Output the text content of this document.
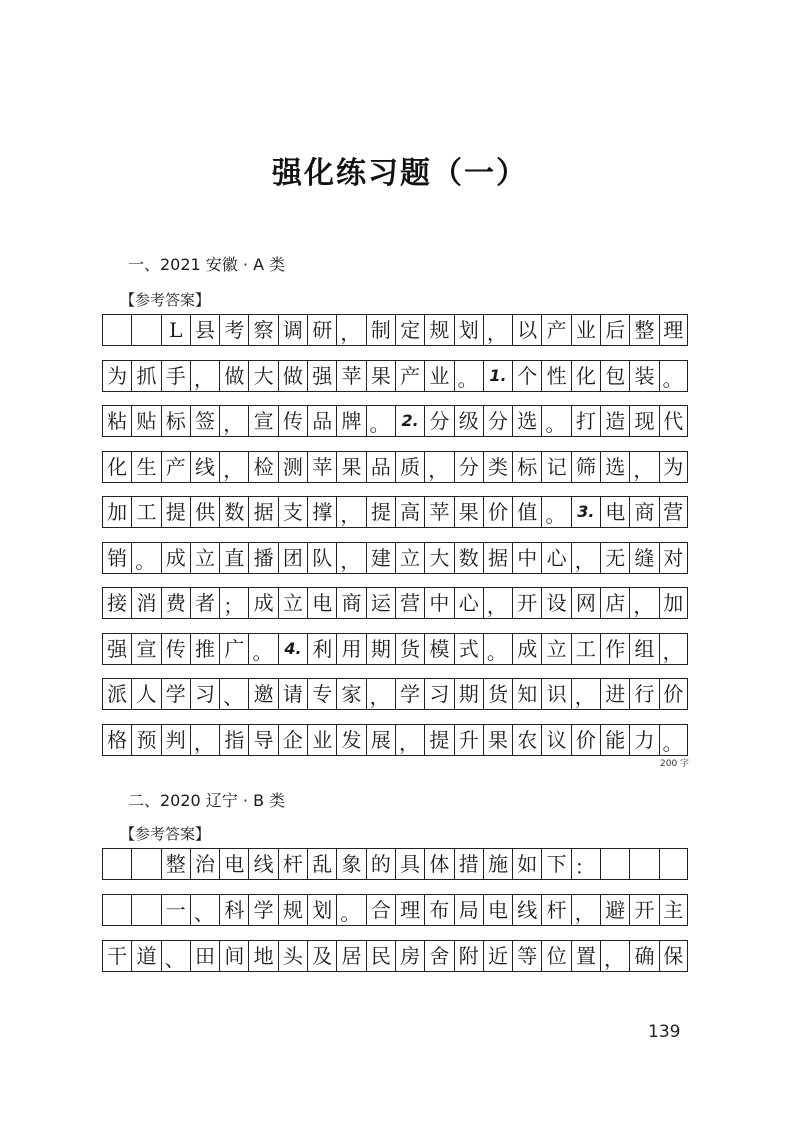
强化练习题（一）
一、2021 安徽 · A 类
【参考答案】
L 县 考 察 调 研 ， 制 定 规 划 ， 以 产 业 后 整 理
为 抓 手 ， 做 大 做 强 苹 果 产 业 。 1. 个 性 化 包 装 。
粘 贴 标 签 ， 宣 传 品 牌 。 2. 分 级 分 选 。 打 造 现 代
化 生 产 线 ， 检 测 苹 果 品 质 ， 分 类 标 记 筛 选 ， 为
加 工 提 供 数 据 支 撑 ， 提 高 苹 果 价 值 。 3. 电 商 营
销 。 成 立 直 播 团 队 ， 建 立 大 数 据 中 心 ， 无 缝 对
接 消 费 者 ； 成 立 电 商 运 营 中 心 ， 开 设 网 店 ， 加
强 宣 传 推 广 。 4. 利 用 期 货 模 式 。 成 立 工 作 组 ，
派 人 学 习 、 邀 请 专 家 ， 学 习 期 货 知 识 ， 进 行 价
格 预 判 ， 指 导 企 业 发 展 ， 提 升 果 农 议 价 能 力 。
200 字
二、2020 辽宁 · B 类
【参考答案】
整 治 电 线 杆 乱 象 的 具 体 措 施 如 下 ：
一 、 科 学 规 划 。 合 理 布 局 电 线 杆 ， 避 开 主
干 道 、 田 间 地 头 及 居 民 房 舍 附 近 等 位 置 ， 确 保
139
